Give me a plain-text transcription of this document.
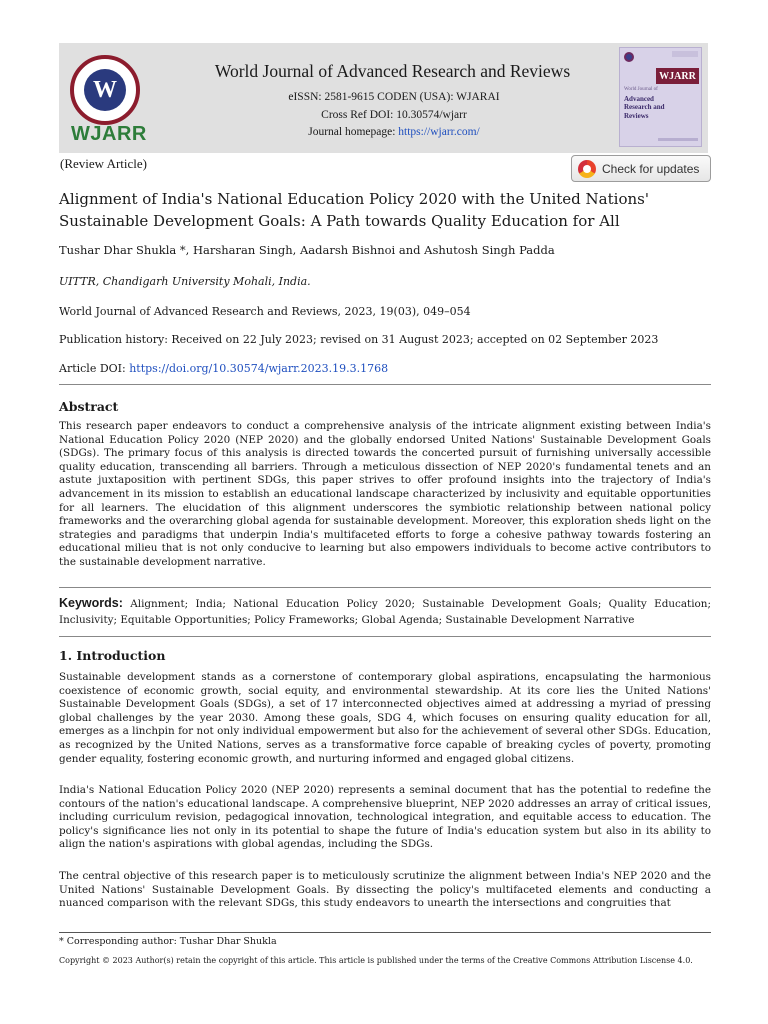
W
WJARR
World Journal of Advanced Research and Reviews
eISSN: 2581-9615 CODEN (USA): WJARAI
Cross Ref DOI: 10.30574/wjarr
Journal homepage: https://wjarr.com/
WJARR
World Journal of
Advanced
Research and
Reviews
(Review Article)	Check for updates
Alignment of India's National Education Policy 2020 with the United Nations' Sustainable Development Goals: A Path towards Quality Education for All
Tushar Dhar Shukla *, Harsharan Singh, Aadarsh Bishnoi and Ashutosh Singh Padda
UITTR, Chandigarh University Mohali, India.
World Journal of Advanced Research and Reviews, 2023, 19(03), 049–054
Publication history: Received on 22 July 2023; revised on 31 August 2023; accepted on 02 September 2023
Article DOI: https://doi.org/10.30574/wjarr.2023.19.3.1768
Abstract
This research paper endeavors to conduct a comprehensive analysis of the intricate alignment existing between India's National Education Policy 2020 (NEP 2020) and the globally endorsed United Nations' Sustainable Development Goals (SDGs). The primary focus of this analysis is directed towards the concerted pursuit of furnishing universally accessible quality education, transcending all barriers. Through a meticulous dissection of NEP 2020's fundamental tenets and an astute juxtaposition with pertinent SDGs, this paper strives to offer profound insights into the trajectory of India's advancement in its mission to establish an educational landscape characterized by inclusivity and equitable opportunities for all learners. The elucidation of this alignment underscores the symbiotic relationship between national policy frameworks and the overarching global agenda for sustainable development. Moreover, this exploration sheds light on the strategies and paradigms that underpin India's multifaceted efforts to forge a cohesive pathway towards fostering an educational milieu that is not only conducive to learning but also empowers individuals to become active contributors to the sustainable development narrative.
Keywords: Alignment; India; National Education Policy 2020; Sustainable Development Goals; Quality Education; Inclusivity; Equitable Opportunities; Policy Frameworks; Global Agenda; Sustainable Development Narrative
1. Introduction
Sustainable development stands as a cornerstone of contemporary global aspirations, encapsulating the harmonious coexistence of economic growth, social equity, and environmental stewardship. At its core lies the United Nations' Sustainable Development Goals (SDGs), a set of 17 interconnected objectives aimed at addressing a myriad of pressing global challenges by the year 2030. Among these goals, SDG 4, which focuses on ensuring quality education for all, emerges as a linchpin for not only individual empowerment but also for the achievement of several other SDGs. Education, as recognized by the United Nations, serves as a transformative force capable of breaking cycles of poverty, promoting gender equality, fostering economic growth, and nurturing informed and engaged global citizens.
India's National Education Policy 2020 (NEP 2020) represents a seminal document that has the potential to redefine the contours of the nation's educational landscape. A comprehensive blueprint, NEP 2020 addresses an array of critical issues, including curriculum revision, pedagogical innovation, technological integration, and equitable access to education. The policy's significance lies not only in its potential to shape the future of India's education system but also in its ability to align the nation's aspirations with global agendas, including the SDGs.
The central objective of this research paper is to meticulously scrutinize the alignment between India's NEP 2020 and the United Nations' Sustainable Development Goals. By dissecting the policy's multifaceted elements and conducting a nuanced comparison with the relevant SDGs, this study endeavors to unearth the intersections and congruities that
* Corresponding author: Tushar Dhar Shukla
Copyright © 2023 Author(s) retain the copyright of this article. This article is published under the terms of the Creative Commons Attribution Liscense 4.0.
